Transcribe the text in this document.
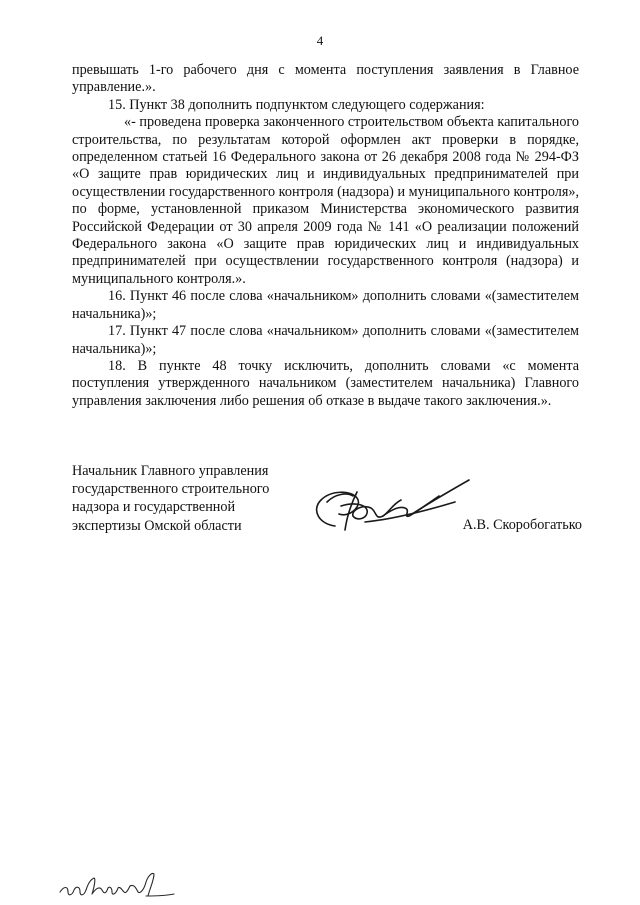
4

превышать 1-го рабочего дня с момента поступления заявления в Главное управление.».

15. Пункт 38 дополнить подпунктом следующего содержания:

«- проведена проверка законченного строительством объекта капитального строительства, по результатам которой оформлен акт проверки в порядке, определенном статьей 16 Федерального закона от 26 декабря 2008 года № 294-ФЗ «О защите прав юридических лиц и индивидуальных предпринимателей при осуществлении государственного контроля (надзора) и муниципального контроля», по форме, установленной приказом Министерства экономического развития Российской Федерации от 30 апреля 2009 года № 141 «О реализации положений Федерального закона «О защите прав юридических лиц и индивидуальных предпринимателей при осуществлении государственного контроля (надзора) и муниципального контроля.».

16. Пункт 46 после слова «начальником» дополнить словами «(заместителем начальника)»;

17. Пункт 47 после слова «начальником» дополнить словами «(заместителем начальника)»;

18. В пункте 48 точку исключить, дополнить словами «с момента поступления утвержденного начальником (заместителем начальника) Главного управления заключения либо решения об отказе в выдаче такого заключения.».

Начальник Главного управления
государственного строительного
надзора и государственной
экспертизы Омской области	А.В. Скоробогатько
